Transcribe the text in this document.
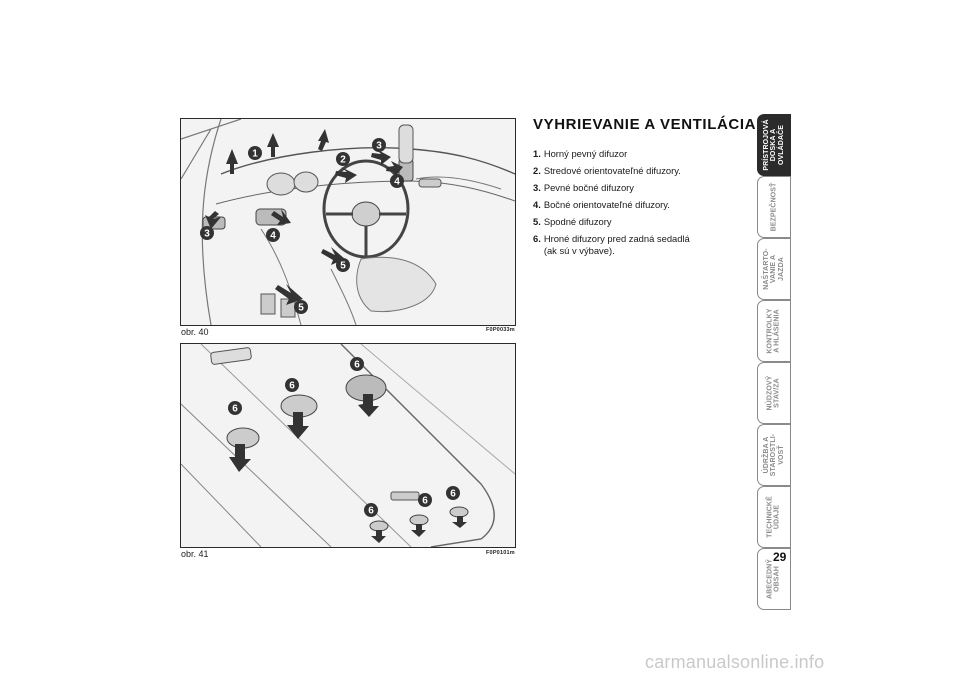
1
2
3
3
4
4
5
5
obr. 40	F0P0033m
6
6
6
6
6
6
obr. 41	F0P0101m
VYHRIEVANIE A VENTILÁCIA
1. Horný pevný difuzor
2. Stredové orientovateľné difuzory.
3. Pevné bočné difuzory
4. Bočné orientovateľné difuzory.
5. Spodné difuzory
6. Hroné difuzory pred zadná sedadlá
(ak sú v výbave).
PRÍSTROJOVÁ
DOSKA A
OVLÁDAČE
BEZPEČNOSŤ
NAŠTARTO-
VANIE A
JAZDA
KONTROLKY
A HLÁSENIA
NÚDZOVÝ
STAV/ZA
ÚDRŽBA A
STAROSTLI-
VOSŤ
TECHNICKÉ
ÚDAJE
ABECEDNÝ
OBSAH
29
carmanualsonline.info
